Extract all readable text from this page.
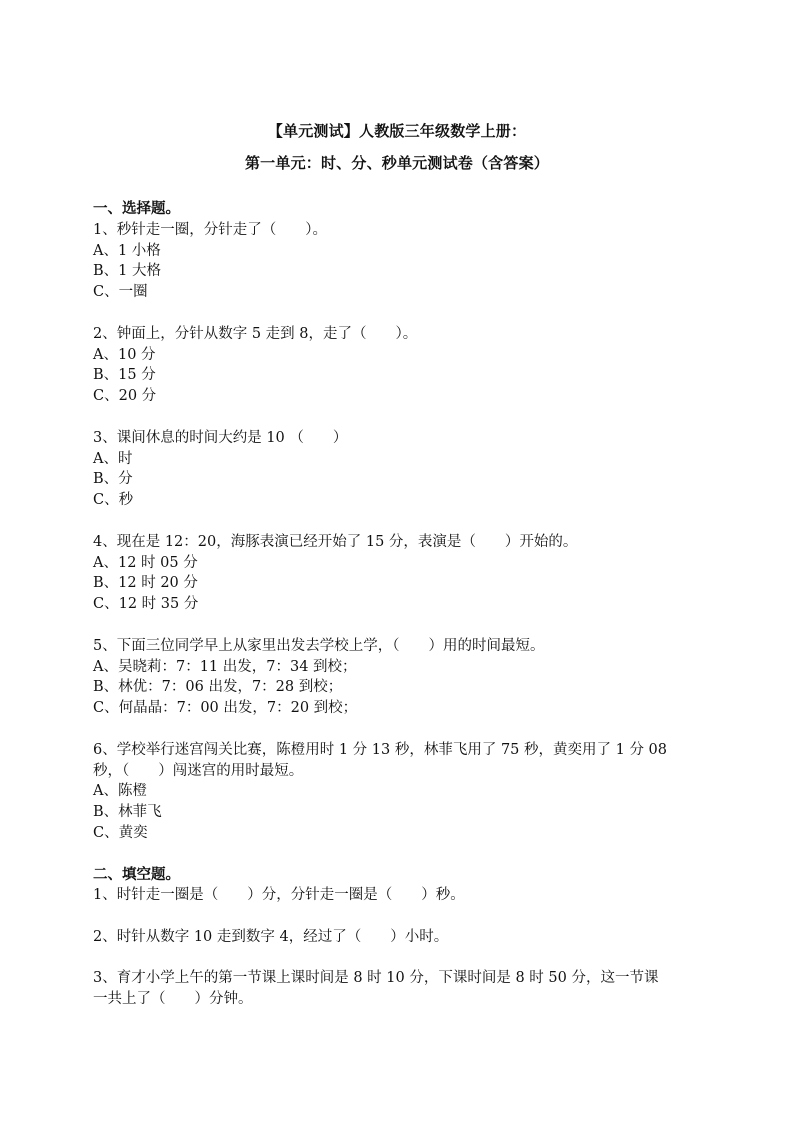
【单元测试】人教版三年级数学上册：
第一单元：时、分、秒单元测试卷（含答案）
一、选择题。
1、秒针走一圈，分针走了（　　）。
A、1 小格
B、1 大格
C、一圈
2、钟面上，分针从数字 5 走到 8，走了（　　）。
A、10 分
B、15 分
C、20 分
3、课间休息的时间大约是 10 （　　）
A、时
B、分
C、秒
4、现在是 12：20，海豚表演已经开始了 15 分，表演是（　　）开始的。
A、12 时 05 分
B、12 时 20 分
C、12 时 35 分
5、下面三位同学早上从家里出发去学校上学，（　　）用的时间最短。
A、吴晓莉：7：11 出发，7：34 到校；
B、林优：7：06 出发，7：28 到校；
C、何晶晶：7：00 出发，7：20 到校；
6、学校举行迷宫闯关比赛，陈橙用时 1 分 13 秒，林菲飞用了 75 秒，黄奕用了 1 分 08
秒，（　　）闯迷宫的用时最短。
A、陈橙
B、林菲飞
C、黄奕
二、填空题。
1、时针走一圈是（　　）分，分针走一圈是（　　）秒。
2、时针从数字 10 走到数字 4，经过了（　　）小时。
3、育才小学上午的第一节课上课时间是 8 时 10 分，下课时间是 8 时 50 分，这一节课
一共上了（　　）分钟。
